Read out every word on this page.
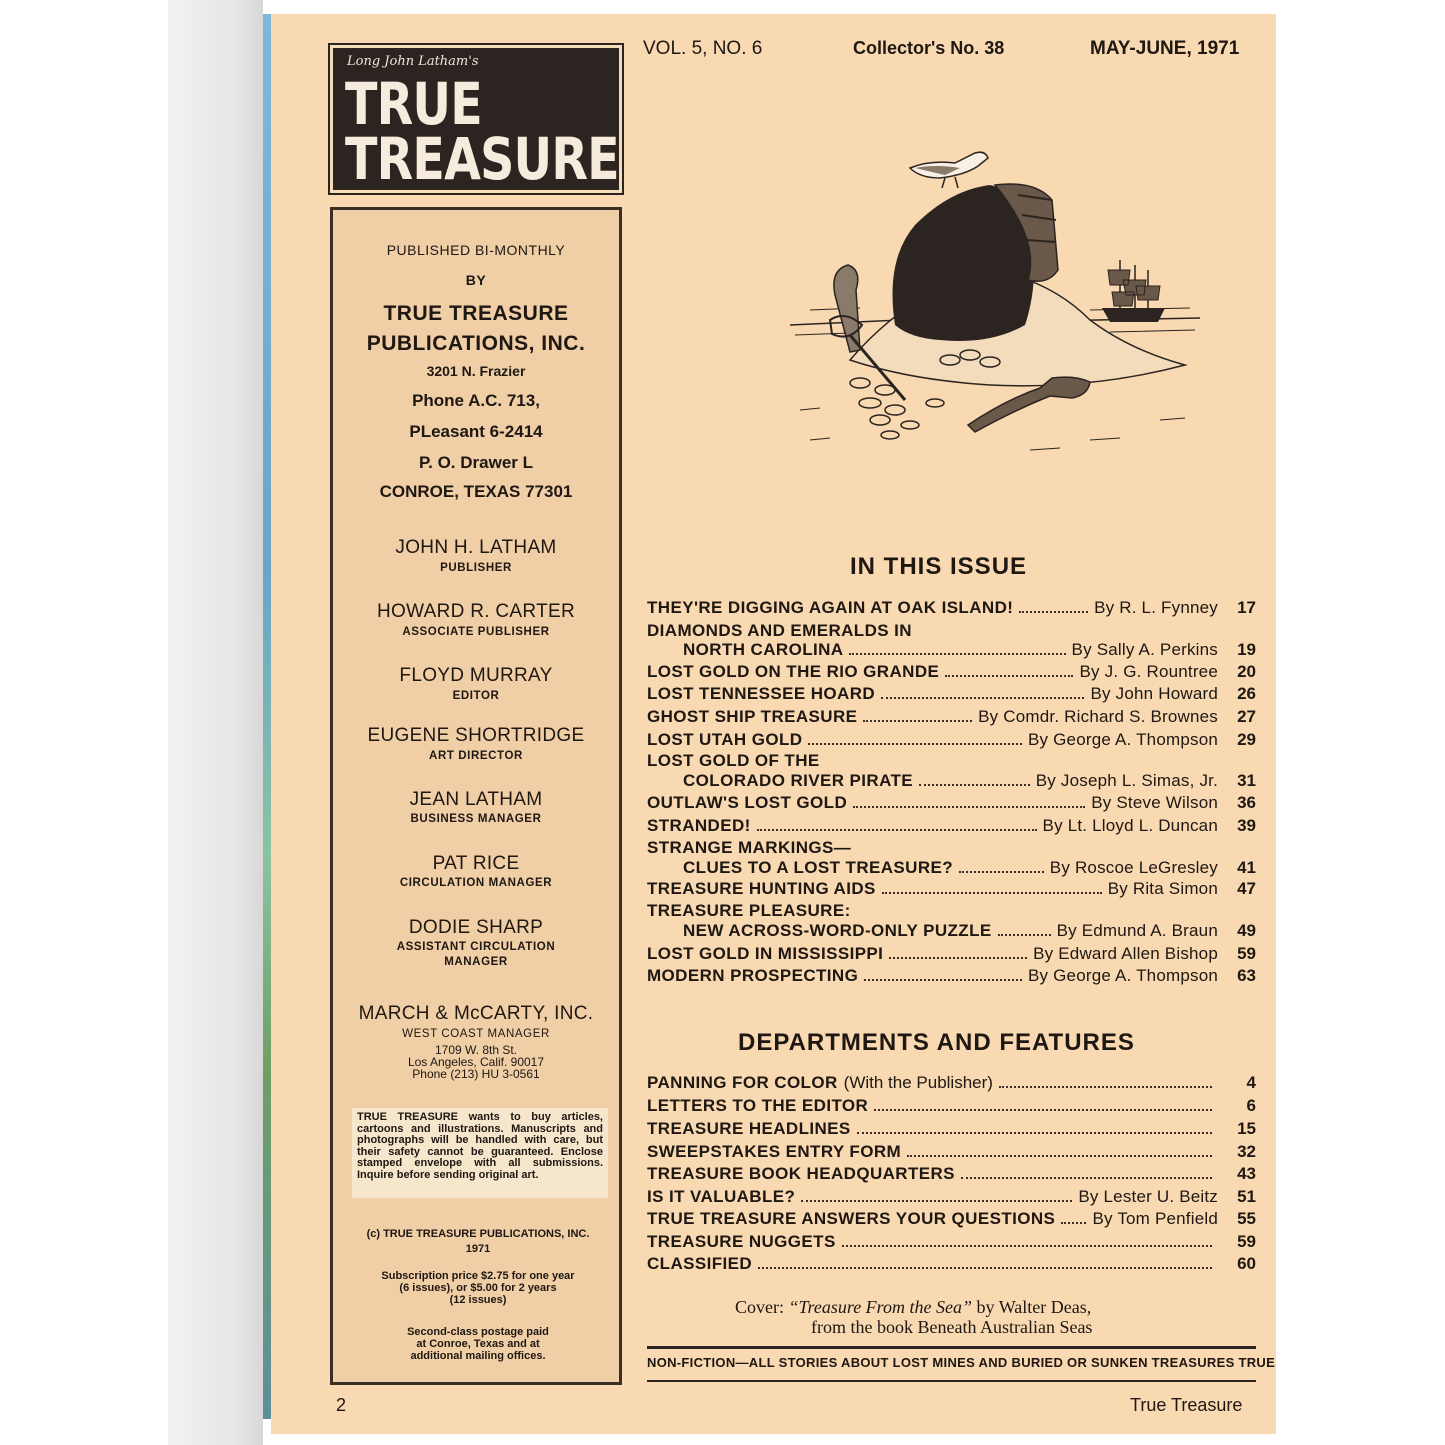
Long John Latham's
TRUE
TREASURE
VOL. 5, NO. 6	Collector's No. 38	MAY-JUNE, 1971
PUBLISHED BI-MONTHLY
BY
TRUE TREASURE
PUBLICATIONS, INC.
3201 N. Frazier
Phone A.C. 713,
PLeasant 6-2414
P. O. Drawer L
CONROE, TEXAS 77301
JOHN H. LATHAM
PUBLISHER
HOWARD R. CARTER
ASSOCIATE PUBLISHER
FLOYD MURRAY
EDITOR
EUGENE SHORTRIDGE
ART DIRECTOR
JEAN LATHAM
BUSINESS MANAGER
PAT RICE
CIRCULATION MANAGER
DODIE SHARP
ASSISTANT CIRCULATION
MANAGER
MARCH & McCARTY, INC.
WEST COAST MANAGER
1709 W. 8th St.
Los Angeles, Calif. 90017
Phone (213) HU 3-0561
TRUE TREASURE wants to buy articles, cartoons and illustrations. Manuscripts and photographs will be handled with care, but their safety cannot be guaranteed. Enclose stamped envelope with all submissions. Inquire before sending original art.
(c) TRUE TREASURE PUBLICATIONS, INC.
1971
Subscription price $2.75 for one year
(6 issues), or $5.00 for 2 years
(12 issues)
Second-class postage paid
at Conroe, Texas and at
additional mailing offices.
IN THIS ISSUE
THEY'RE DIGGING AGAIN AT OAK ISLAND!	By R. L. Fynney	17
DIAMONDS AND EMERALDS IN
NORTH CAROLINA	By Sally A. Perkins	19
LOST GOLD ON THE RIO GRANDE	By J. G. Rountree	20
LOST TENNESSEE HOARD	By John Howard	26
GHOST SHIP TREASURE	By Comdr. Richard S. Brownes	27
LOST UTAH GOLD	By George A. Thompson	29
LOST GOLD OF THE
COLORADO RIVER PIRATE	By Joseph L. Simas, Jr.	31
OUTLAW'S LOST GOLD	By Steve Wilson	36
STRANDED!	By Lt. Lloyd L. Duncan	39
STRANGE MARKINGS—
CLUES TO A LOST TREASURE?	By Roscoe LeGresley	41
TREASURE HUNTING AIDS	By Rita Simon	47
TREASURE PLEASURE:
NEW ACROSS-WORD-ONLY PUZZLE	By Edmund A. Braun	49
LOST GOLD IN MISSISSIPPI	By Edward Allen Bishop	59
MODERN PROSPECTING	By George A. Thompson	63
DEPARTMENTS AND FEATURES
PANNING FOR COLOR (With the Publisher)	4
LETTERS TO THE EDITOR	6
TREASURE HEADLINES	15
SWEEPSTAKES ENTRY FORM	32
TREASURE BOOK HEADQUARTERS	43
IS IT VALUABLE?	By Lester U. Beitz	51
TRUE TREASURE ANSWERS YOUR QUESTIONS By Tom Penfield	55
TREASURE NUGGETS	59
CLASSIFIED	60
Cover: “Treasure From the Sea” by Walter Deas,
from the book Beneath Australian Seas
NON-FICTION—ALL STORIES ABOUT LOST MINES AND BURIED OR SUNKEN TREASURES TRUE
2	True Treasure
